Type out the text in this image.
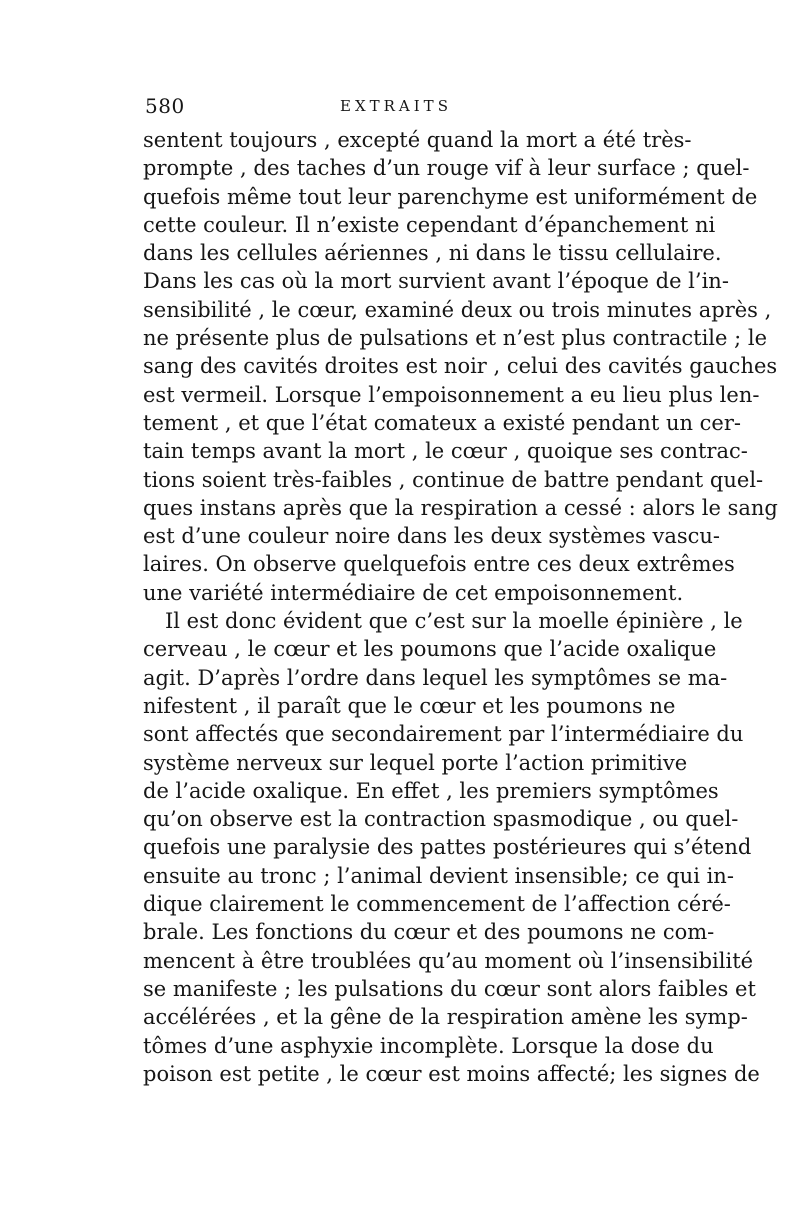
580	EXTRAITS
sentent toujours , excepté quand la mort a été très-
prompte , des taches d’un rouge vif à leur surface ; quel-
quefois même tout leur parenchyme est uniformément de
cette couleur. Il n’existe cependant d’épanchement ni
dans les cellules aériennes , ni dans le tissu cellulaire.
Dans les cas où la mort survient avant l’époque de l’in-
sensibilité , le cœur, examiné deux ou trois minutes après ,
ne présente plus de pulsations et n’est plus contractile ; le
sang des cavités droites est noir , celui des cavités gauches
est vermeil. Lorsque l’empoisonnement a eu lieu plus len-
tement , et que l’état comateux a existé pendant un cer-
tain temps avant la mort , le cœur , quoique ses contrac-
tions soient très-faibles , continue de battre pendant quel-
ques instans après que la respiration a cessé : alors le sang
est d’une couleur noire dans les deux systèmes vascu-
laires. On observe quelquefois entre ces deux extrêmes
une variété intermédiaire de cet empoisonnement.
Il est donc évident que c’est sur la moelle épinière , le
cerveau , le cœur et les poumons que l’acide oxalique
agit. D’après l’ordre dans lequel les symptômes se ma-
nifestent , il paraît que le cœur et les poumons ne
sont affectés que secondairement par l’intermédiaire du
système nerveux sur lequel porte l’action primitive
de l’acide oxalique. En effet , les premiers symptômes
qu’on observe est la contraction spasmodique , ou quel-
quefois une paralysie des pattes postérieures qui s’étend
ensuite au tronc ; l’animal devient insensible; ce qui in-
dique clairement le commencement de l’affection céré-
brale. Les fonctions du cœur et des poumons ne com-
mencent à être troublées qu’au moment où l’insensibilité
se manifeste ; les pulsations du cœur sont alors faibles et
accélérées , et la gêne de la respiration amène les symp-
tômes d’une asphyxie incomplète. Lorsque la dose du
poison est petite , le cœur est moins affecté; les signes de
